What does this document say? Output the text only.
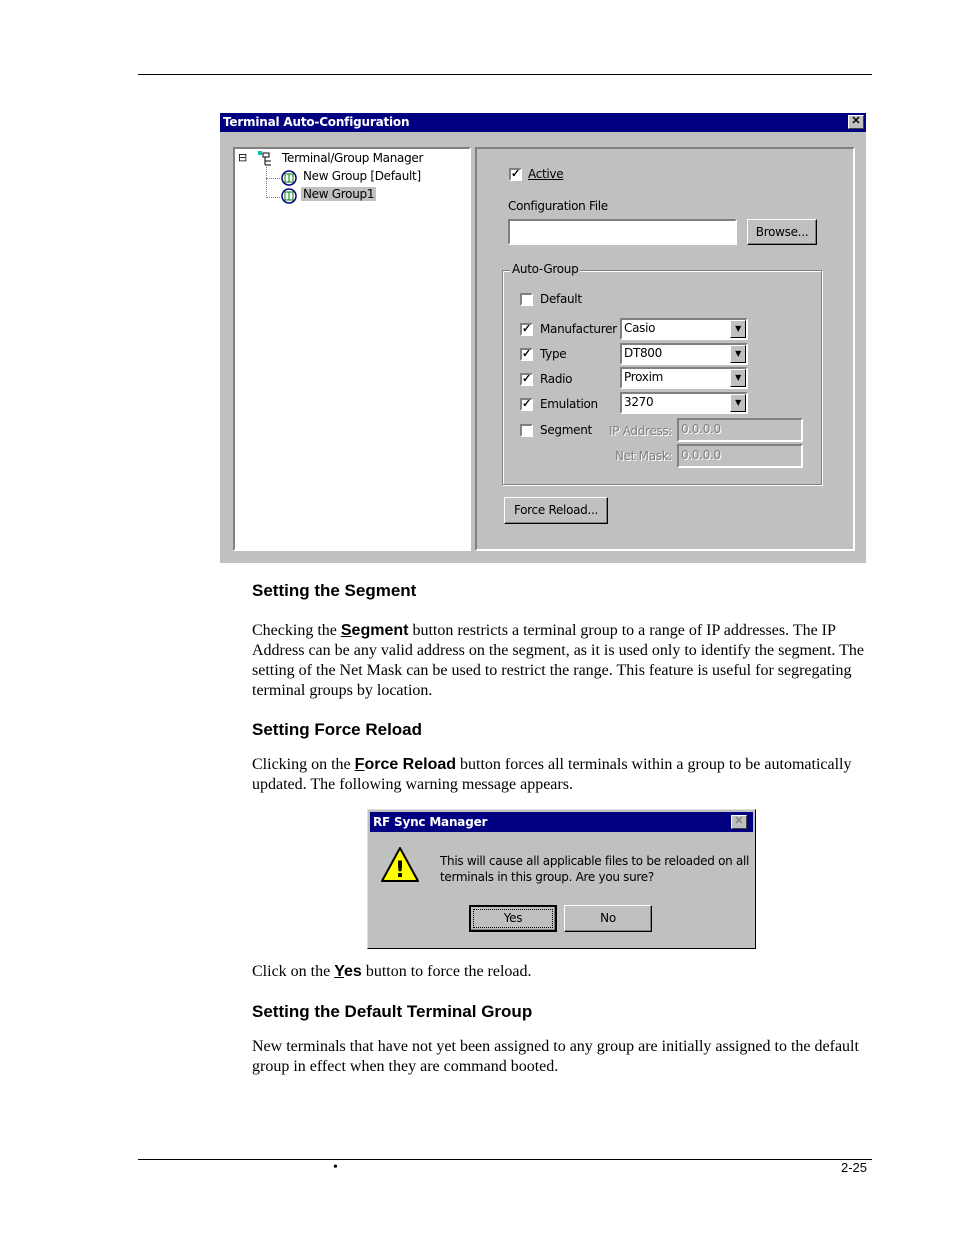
Terminal Auto-Configuration	✕
⊟	Terminal/Group Manager
New Group [Default]
New Group1
✓ Active
Configuration File
Browse...
Auto-Group
Default
✓ Manufacturer Casio	▼
✓ Type	DT800	▼
✓ Radio	Proxim	▼
✓ Emulation 3270	▼
Segment IP Address: 0.0.0.0
Net Mask: 0.0.0.0
Force Reload...
Setting the Segment
Checking the Segment button restricts a terminal group to a range of IP addresses. The IP Address can be any valid address on the segment, as it is used only to identify the segment. The setting of the Net Mask can be used to restrict the range. This feature is useful for segregating terminal groups by location.
Setting Force Reload
Clicking on the Force Reload button forces all terminals within a group to be automatically updated. The following warning message appears.
RF Sync Manager	✕
!	This will cause all applicable files to be reloaded on all terminals in this group. Are you sure?
Yes	No
Click on the Yes button to force the reload.
Setting the Default Terminal Group
New terminals that have not yet been assigned to any group are initially assigned to the default group in effect when they are command booted.
•	2-25
